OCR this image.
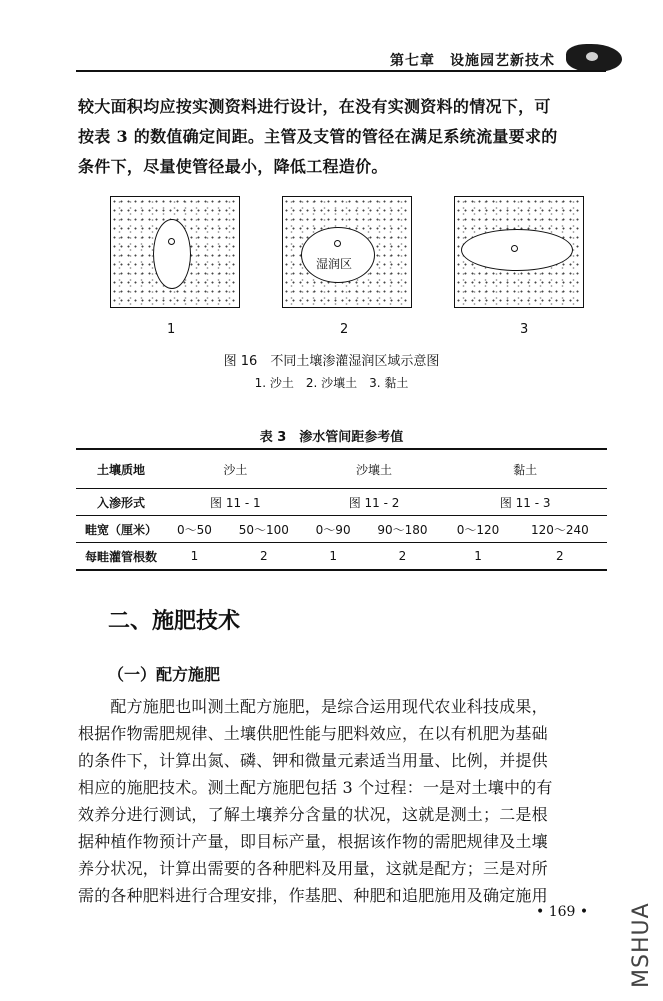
第七章　设施园艺新技术
较大面积均应按实测资料进行设计，在没有实测资料的情况下，可
按表 3 的数值确定间距。主管及支管的管径在满足系统流量要求的
条件下，尽量使管径最小，降低工程造价。
湿润区
1	2	3
图 16　不同土壤渗灌湿润区域示意图
1. 沙土　2. 沙壤土　3. 黏土
表 3　渗水管间距参考值
土壤质地	沙土		沙壤土		黏土	
入渗形式	图 11 - 1		图 11 - 2		图 11 - 3	
畦宽（厘米）	0～50	50～100	0～90	90～180	0～120	120～240
每畦灌管根数	1	2	1	2	1	2
二、施肥技术
（一）配方施肥
　　配方施肥也叫测土配方施肥，是综合运用现代农业科技成果，
根据作物需肥规律、土壤供肥性能与肥料效应，在以有机肥为基础
的条件下，计算出氮、磷、钾和微量元素适当用量、比例，并提供
相应的施肥技术。测土配方施肥包括 3 个过程：一是对土壤中的有
效养分进行测试，了解土壤养分含量的状况，这就是测土；二是根
据种植作物预计产量，即目标产量，根据该作物的需肥规律及土壤
养分状况，计算出需要的各种肥料及用量，这就是配方；三是对所
需的各种肥料进行合理安排，作基肥、种肥和追肥施用及确定施用
• 169 • MSHUA
